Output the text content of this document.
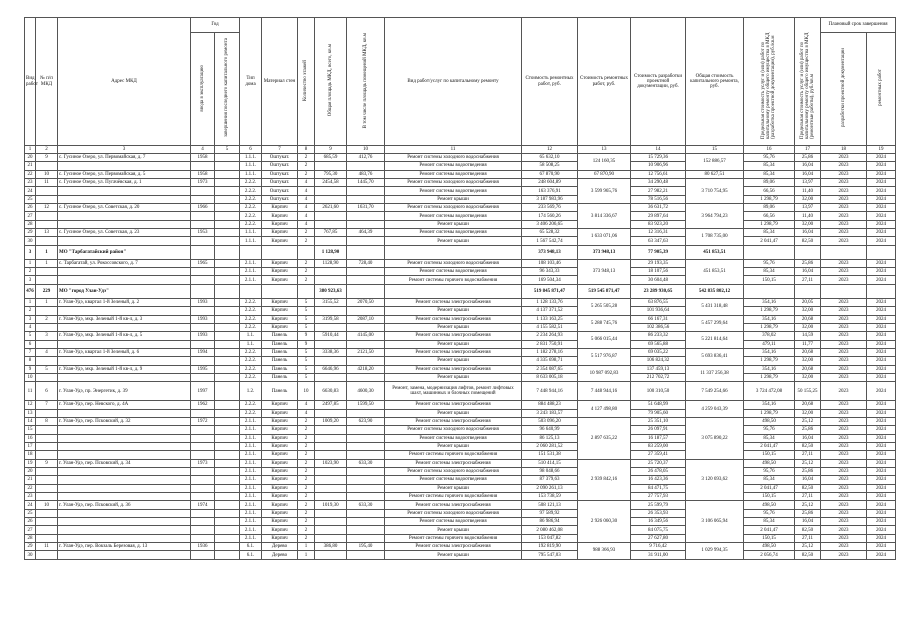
Вид работ	№ п/п МКД	Адрес МКД	Год		Тип дома	Материал стен	Количество этажей	Общая площадь МКД, всего, кв.м	В том числе площадь помещений МКД, кв.м	Вид работ/услуг по капитальному ремонту	Стоимость ремонтных работ, руб.	Стоимость ремонтных работ, руб.	Стоимость разработки проектной документации, руб.	Общая стоимость капитального ремонта, руб.	Предельная стоимость услуг и (или) работ по капитальному ремонту общего имущества в МКД (разработка проектной документации), руб./кв.м	Предельная стоимость услуг и (или) работ по капитальному ремонту общего имущества в МКД (ремонтные работы), руб./кв.м	Плановый срок завершения	
			ввода в эксплуатацию	завершения последнего капитального ремонта													разработки проектной документации	ремонтных работ
1	2	3	4	5	6	7	8	9	10	11	12	13	14	15	16	17	18	19
20	9	с. Гусиное Озеро, ул. Первомайская, д. 7	1958		1.1.1.	Оштукат.	2	685,59	412,76	Ремонт системы холодного водоснабжения	65 632,10	124 160,35	15 729,36	152 886,57	95,76	25,86	2023	2024
21					1.1.1.	Оштукат.	2			Ремонт системы водоотведения	58 508,25		10 906,96		85,34	16,04	2023	2024
22	10	с. Гусиное Озеро, ул. Первомайская, д. 5	1958		1.1.1.	Оштукат.	2	795,30	483,76	Ремонт системы водоотведения	67 870,90	67 870,90	12 756,61	80 627,51	85,34	16,04	2023	2024
23	11	с. Гусиное Озеро, ул. Пугачёвская, д. 1	1973		2.2.2.	Оштукат.	4	2454,58	1445,70	Ремонт системы холодного водоснабжения	248 604,89	3 599 965,76	34 290,48	3 710 754,95	89,06	13,97	2023	2024
24					2.2.2.	Оштукат.	4			Ремонт системы водоотведения	163 376,91		27 982,21		66,56	11,40	2023	2024
25					2.2.2.	Оштукат.	4			Ремонт крыши	3 187 983,96		78 516,56		1 298,79	32,00	2023	2024
26	12	с. Гусиное Озеро, ул. Советская, д. 20	1966		2.2.2.	Кирпич	4	2621,60	1631,70	Ремонт системы холодного водоснабжения	233 569,76	3 814 336,67	36 631,72	3 964 794,23	89,06	13,97	2023	2024
27					2.2.2.	Кирпич	4			Ремонт системы водоотведения	174 560,26		29 897,64		66,56	11,40	2023	2024
28					2.2.2.	Кирпич	4			Ремонт крыши	3 406 206,65		83 923,20		1 298,79	32,00	2023	2024
29	13	с. Гусиное Озеро, ул. Советская, д. 23	1953		1.1.1.	Кирпич	2	767,85	464,39	Ремонт системы водоотведения	65 528,32	1 633 071,06	12 316,31	1 708 735,00	85,34	16,04	2023	2024
30					1.1.1.	Кирпич	2			Ремонт крыши	1 567 542,74		63 347,63		2 041,47	82,50	2023	2024
3	1	МО "Тарбагатайский район"						1 128,90			373 948,13	373 948,13	77 905,39	451 853,51				
1	1	с. Тарбагатай, ул. Рокоссовского, д. 7	1965		2.1.1.	Кирпич	2	1128,90	728,40	Ремонт системы холодного водоснабжения	108 103,46	373 948,13	29 193,35	451 853,51	95,76	25,86	2023	2024
2					2.1.1.	Кирпич	2			Ремонт системы водоотведения	96 343,33		18 107,56		85,34	16,04	2023	2024
3					2.1.1.	Кирпич	2			Ремонт системы горячего водоснабжения	169 504,34		30 604,48		150,15	27,11	2023	2024
476	229	МО "город Улан-Удэ"						380 923,63			519 845 871,47	519 545 871,47	23 289 930,65	542 835 802,12				
1	1	г. Улан-Удэ, квартал 1-й Зеленый, д. 2	1993		2.2.2.	Кирпич	5	3155,52	2070,50	Ремонт системы электроснабжения	1 128 133,76	5 265 505,28	63 876,55	5 431 318,48	354,16	20,05	2023	2024
2					2.2.2.	Кирпич	5			Ремонт крыши	4 137 371,52		101 936,64		1 298,79	32,00	2023	2024
3	2	г. Улан-Удэ, мкр. Зеленый 1-й кв-л, д. 3	1993		2.2.2.	Кирпич	5	3199,58	2087,10	Ремонт системы электроснабжения	1 133 163,25	5 288 745,76	66 167,31	5 457 299,64	354,16	20,68	2023	2024
4					2.2.2.	Кирпич	5			Ремонт крыши	4 155 582,51		102 386,56		1 298,79	32,00	2023	2024
5	3	г. Улан-Удэ, мкр. Зеленый 1-й кв-л, д. 5	1993		1.1.	Панель	9	5910,44	4145,00	Ремонт системы электроснабжения	2 234 264,93	5 066 015,44	86 233,32	5 221 814,64	378,02	14,59	2023	2024
6					1.1.	Панель	9			Ремонт крыши	2 831 750,91		69 565,88		479,11	11,77	2023	2024
7	4	г. Улан-Удэ, квартал 1-й Зеленый, д. 6	1994		2.2.2.	Панель	5	3338,36	2121,50	Ремонт системы электроснабжения	1 182 278,16	5 517 976,87	69 035,22	5 693 836,41	354,16	20,68	2023	2024
8					2.2.2.	Панель	5			Ремонт крыши	4 335 698,71		106 824,32		1 298,79	32,00	2023	2024
9	5	г. Улан-Удэ, мкр. Зеленый 1-й кв-л, д. 9	1995		2.2.2.	Панель	5	6646,96	4218,20	Ремонт системы электроснабжения	2 354 087,65	10 987 092,83	137 459,13	11 337 256,38	354,16	20,68	2023	2024
10					2.2.2.	Панель	5			Ремонт крыши	8 633 005,18		212 702,72		1 298,79	32,00	2023	2024
11	6	г. Улан-Удэ, пр. Энергетик, д. 39	1997		1.2.	Панель	10	6630,83	4600,30	Ремонт, замена, модернизация лифтов, ремонт лифтовых шахт, машинных и блочных помещений	7 448 944,16	7 448 944,16	100 310,50	7 549 254,66	3 724 472,08	50 155,25	2023	2024
12	7	г. Улан-Удэ, пер. Невского, д. 4А	1962		2.2.2.	Кирпич	4	2497,85	1599,50	Ремонт системы электроснабжения	884 488,23	4 127 498,80	51 648,99	4 259 043,39	354,16	20,68	2023	2024
13					2.2.2.	Кирпич	4			Ремонт крыши	3 243 183,57		79 905,60		1 298,79	32,00	2023	2024
14	8	г. Улан-Удэ, пер. Псковский, д. 32	1972		2.1.1.	Кирпич	2	1009,20	623,90	Ремонт системы электроснабжения	503 096,20	2 897 635,22	25 351,10	3 075 890,22	498,50	25,12	2023	2024
15					2.1.1.	Кирпич	2			Ремонт системы холодного водоснабжения	96 640,99		26 097,91		95,76	25,86	2023	2024
16					2.1.1.	Кирпич	2			Ремонт системы водоотведения	86 125,13		16 187,57		85,34	16,04	2023	2024
17					2.1.1.	Кирпич	2			Ремонт крыши	2 060 281,52		83 259,00		2 041,47	82,50	2023	2024
18					2.1.1.	Кирпич	2			Ремонт системы горячего водоснабжения	151 531,38		27 359,41		150,15	27,11	2023	2024
19	9	г. Улан-Удэ, пер. Псковский, д. 34	1973		2.1.1.	Кирпич	2	1023,90	633,30	Ремонт системы электроснабжения	510 414,15	2 939 842,16	25 720,37	3 120 693,62	498,50	25,12	2023	2024
20					2.1.1.	Кирпич	2			Ремонт системы холодного водоснабжения	98 048,66		26 478,05		95,76	25,86	2023	2024
21					2.1.1.	Кирпич	2			Ремонт системы водоотведения	87 379,63		16 423,36		85,34	16,04	2023	2024
22					2.1.1.	Кирпич	2			Ремонт крыши	2 090 261,13		84 471,75		2 041,47	82,50	2023	2024
23					2.1.1.	Кирпич	2			Ремонт системы горячего водоснабжения	153 738,59		27 757,93		150,15	27,11	2023	2024
24	10	г. Улан-Удэ, пер. Псковский, д. 36	1974		2.1.1.	Кирпич	2	1019,30	633,30	Ремонт системы электроснабжения	508 121,13	2 926 060,30	25 599,79	3 106 065,94	498,50	25,12	2023	2024
25					2.1.1.	Кирпич	2			Ремонт системы холодного водоснабжения	97 589,92		26 353,93		95,76	25,86	2023	2024
26					2.1.1.	Кирпич	2			Ремонт системы водоотведения	86 986,94		16 349,56		85,34	16,04	2023	2024
27					2.1.1.	Кирпич	2			Ремонт крыши	2 080 462,08		84 075,75		2 041,47	82,50	2023	2024
28					2.1.1.	Кирпич	2			Ремонт системы горячего водоснабжения	153 047,82		27 627,80		150,15	27,11	2023	2024
29	11	г. Улан-Удэ, пер. Вокзаль Березовая, д. 13	1936		6.1.	Дерево	1	386,80	195,40	Ремонт системы электроснабжения	192 819,90	988 366,93	9 716,42	1 029 994,35	498,50	25,12	2023	2024
30					6.1.	Дерево	1			Ремонт крыши	795 547,03		31 911,00		2 056,74	82,50	2023	2024
